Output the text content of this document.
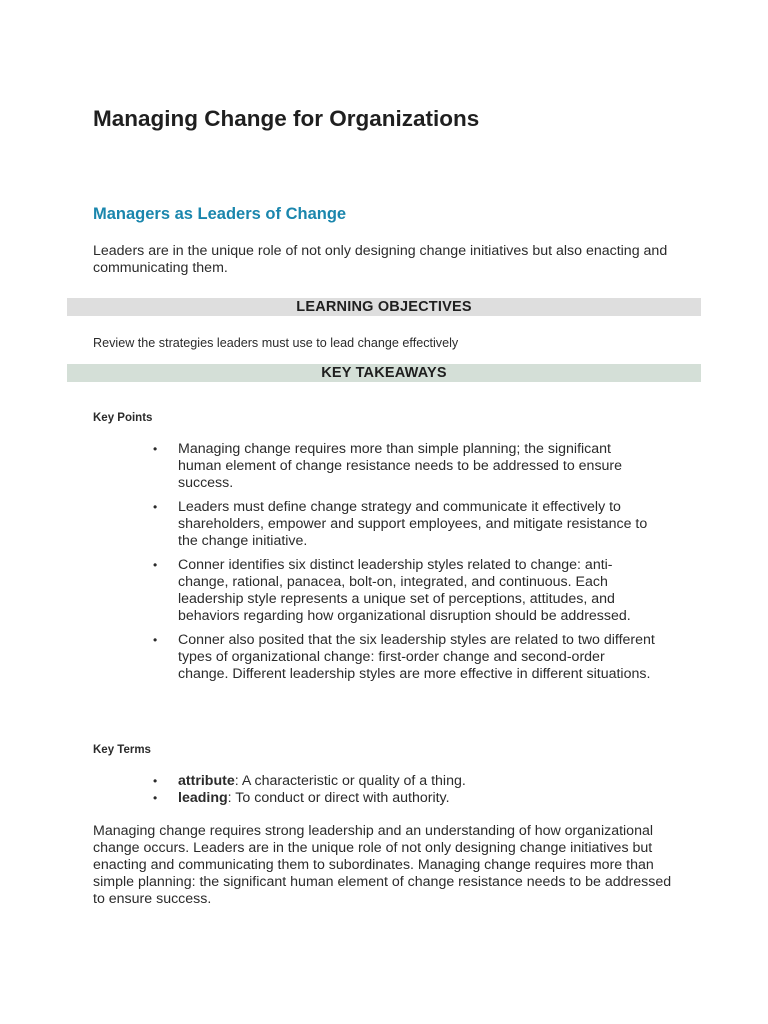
Managing Change for Organizations
Managers as Leaders of Change

Leaders are in the unique role of not only designing change initiatives but also enacting and communicating them.

LEARNING OBJECTIVES

Review the strategies leaders must use to lead change effectively

KEY TAKEAWAYS

Key Points

• Managing change requires more than simple planning; the significant human element of change resistance needs to be addressed to ensure success.
• Leaders must define change strategy and communicate it effectively to shareholders, empower and support employees, and mitigate resistance to the change initiative.
• Conner identifies six distinct leadership styles related to change: anti-change, rational, panacea, bolt-on, integrated, and continuous. Each leadership style represents a unique set of perceptions, attitudes, and behaviors regarding how organizational disruption should be addressed.
• Conner also posited that the six leadership styles are related to two different types of organizational change: first-order change and second-order change. Different leadership styles are more effective in different situations.

Key Terms

• attribute: A characteristic or quality of a thing.
• leading: To conduct or direct with authority.

Managing change requires strong leadership and an understanding of how organizational change occurs. Leaders are in the unique role of not only designing change initiatives but enacting and communicating them to subordinates. Managing change requires more than simple planning: the significant human element of change resistance needs to be addressed to ensure success.
